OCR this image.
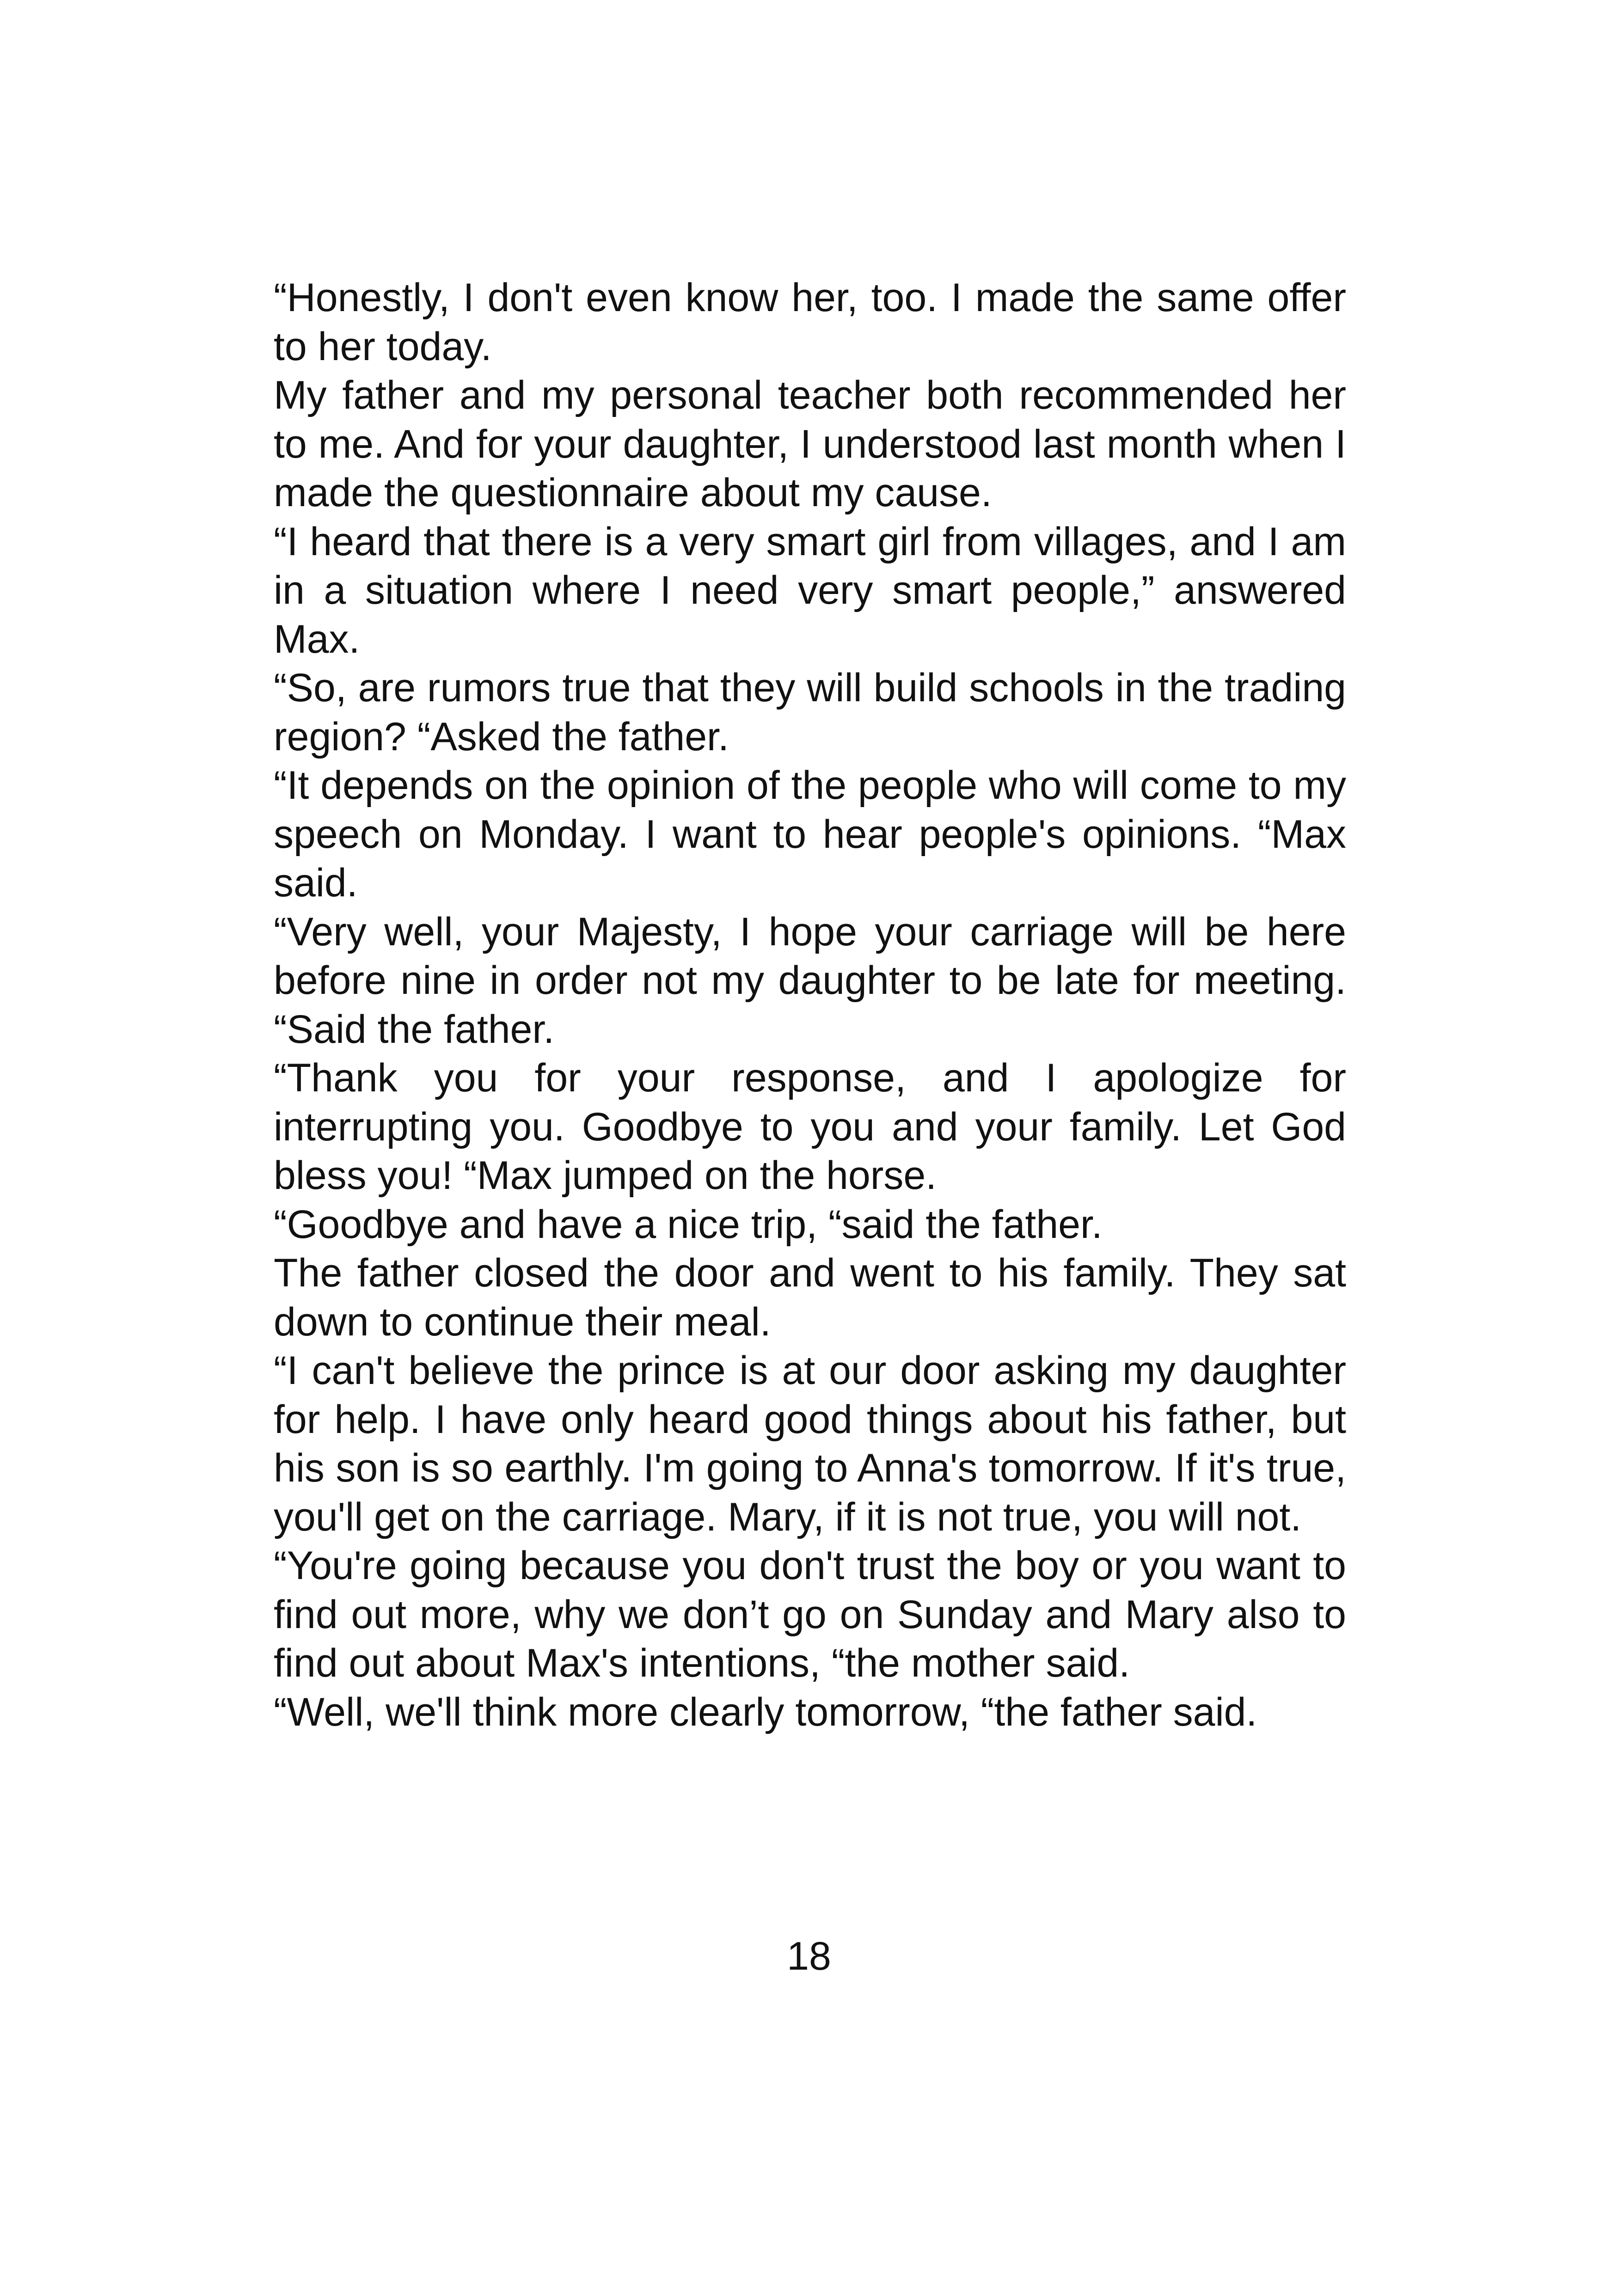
“Honestly, I don't even know her, too. I made the same offer to her today.

My father and my personal teacher both recommended her to me. And for your daughter, I understood last month when I made the questionnaire about my cause.

“I heard that there is a very smart girl from villages, and I am in a situation where I need very smart people,” answered Max.

“So, are rumors true that they will build schools in the trading region? “Asked the father.

“It depends on the opinion of the people who will come to my speech on Monday. I want to hear people's opinions. “Max said.

“Very well, your Majesty, I hope your carriage will be here before nine in order not my daughter to be late for meeting. “Said the father.

“Thank you for your response, and I apologize for interrupting you. Goodbye to you and your family. Let God bless you! “Max jumped on the horse.

“Goodbye and have a nice trip, “said the father.

The father closed the door and went to his family. They sat down to continue their meal.

“I can't believe the prince is at our door asking my daughter for help. I have only heard good things about his father, but his son is so earthly. I'm going to Anna's tomorrow. If it's true, you'll get on the carriage. Mary, if it is not true, you will not.

“You're going because you don't trust the boy or you want to find out more, why we don’t go on Sunday and Mary also to find out about Max's intentions, “the mother said.

“Well, we'll think more clearly tomorrow, “the father said.

18
